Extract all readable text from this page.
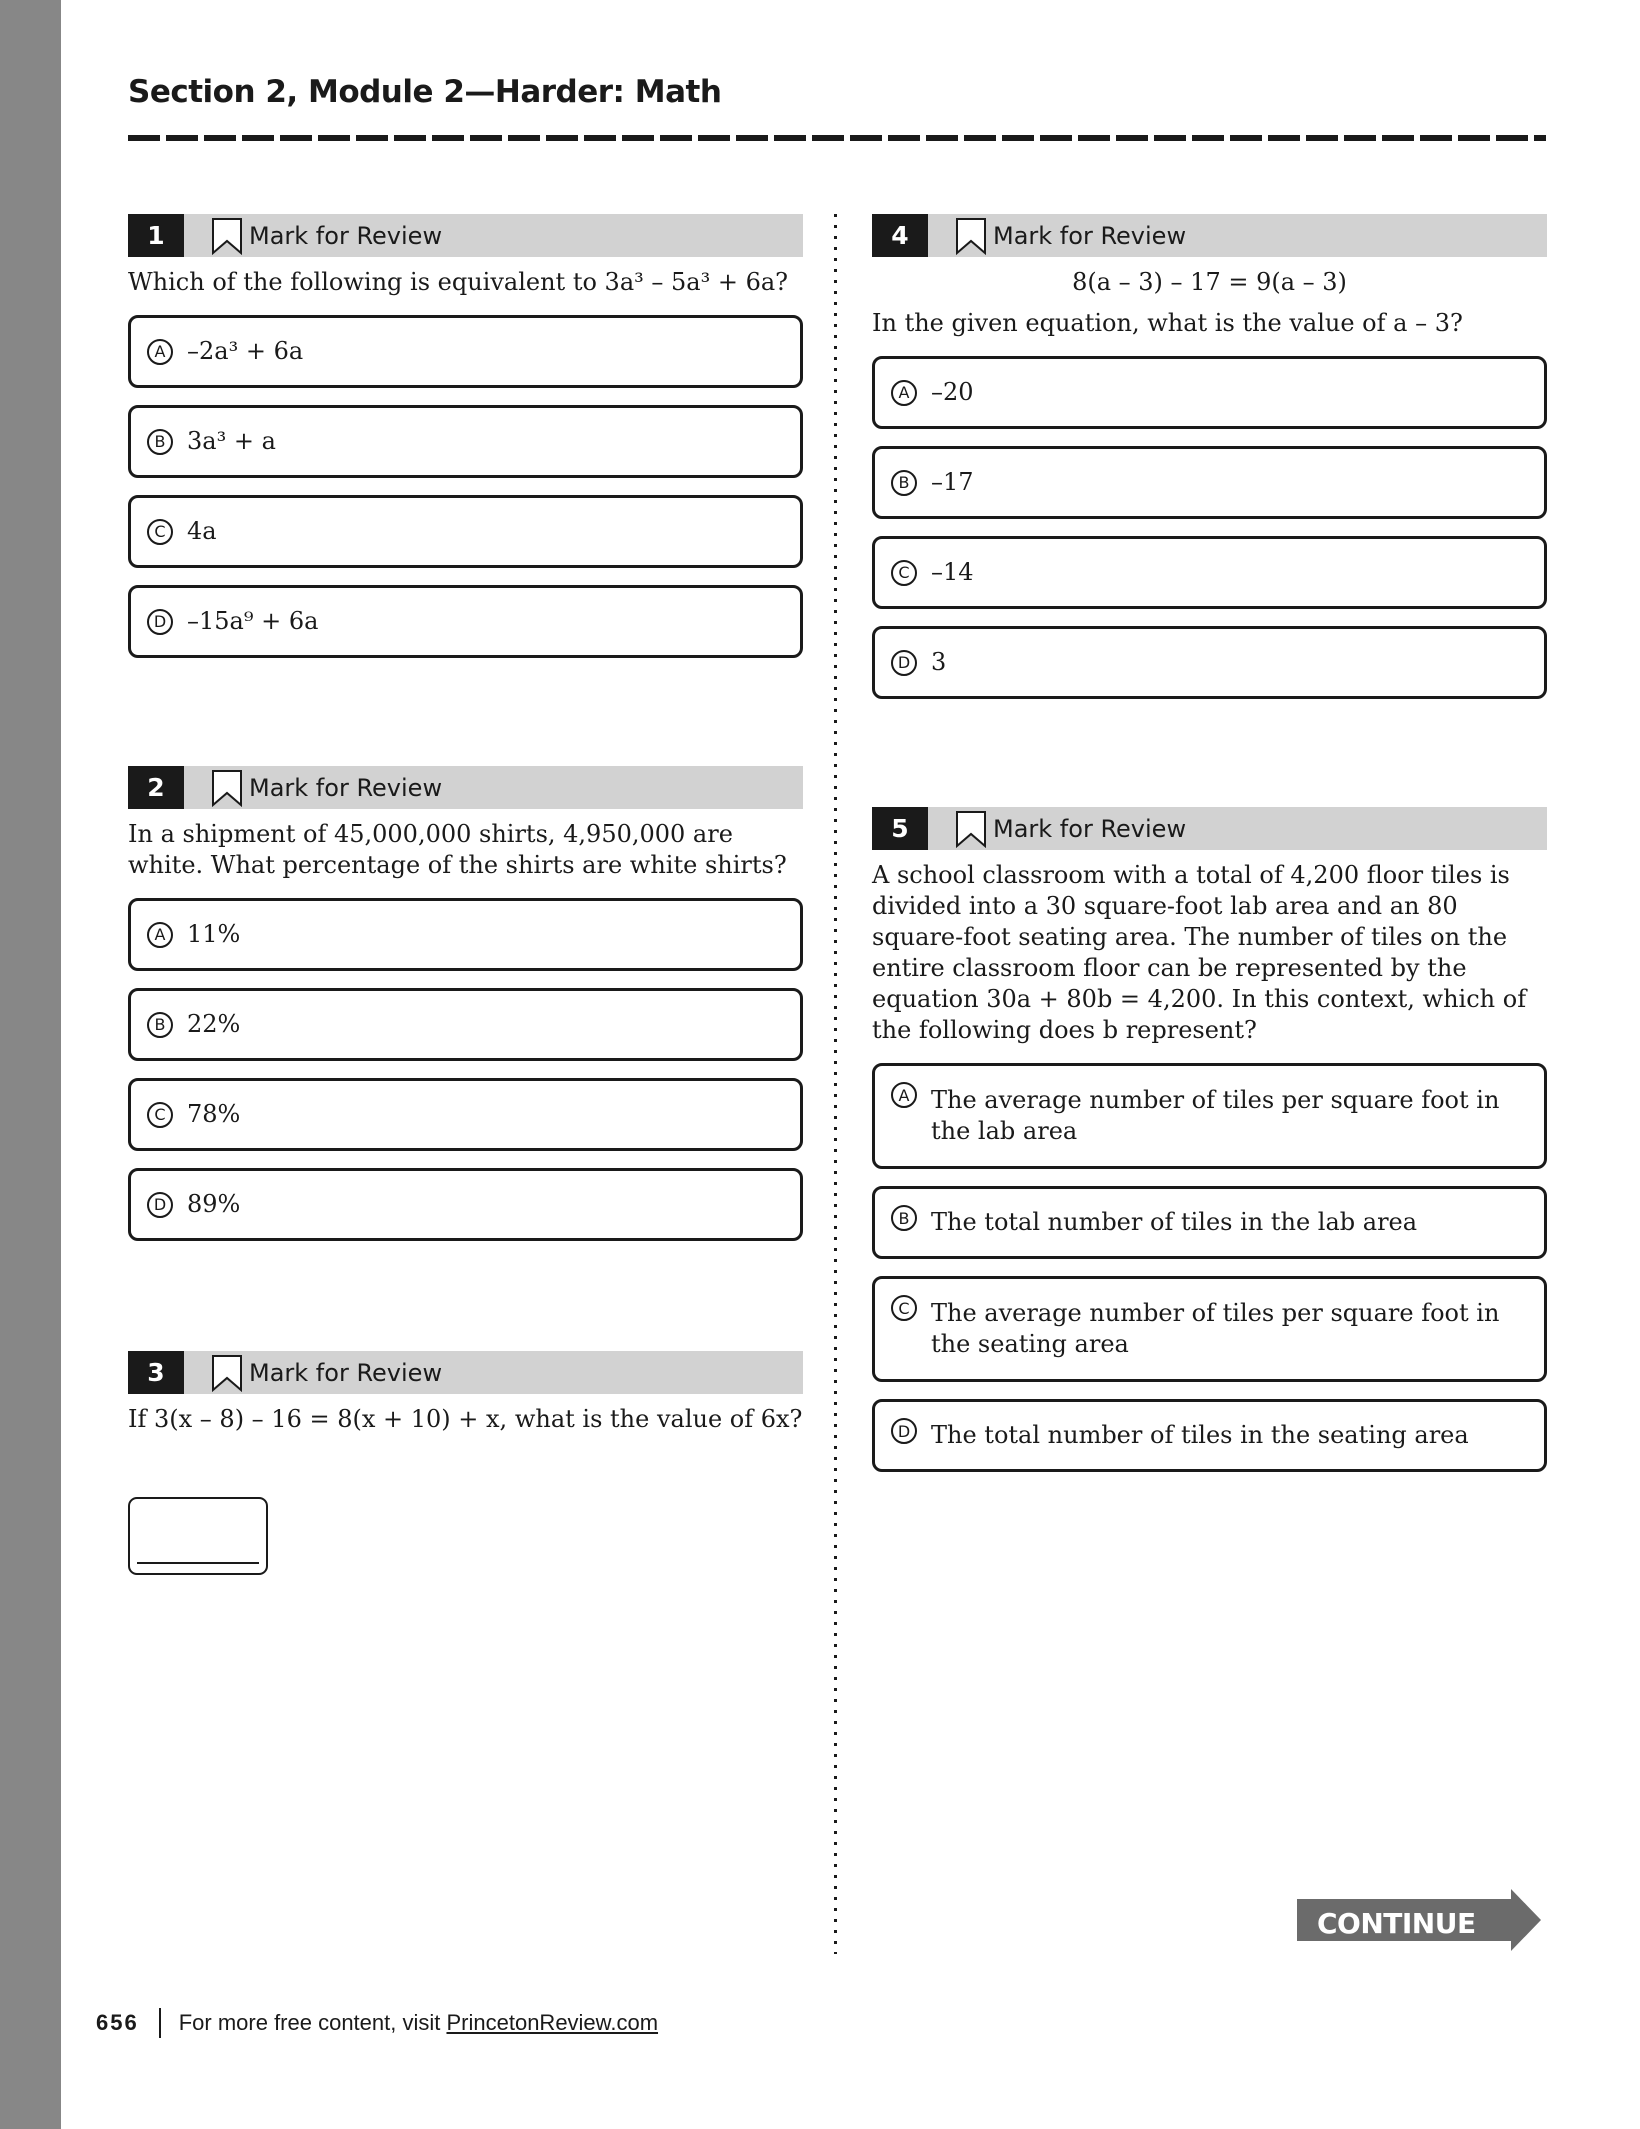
Section 2, Module 2—Harder: Math
1	Mark for Review
Which of the following is equivalent to 3a³ – 5a³ + 6a?
A –2a³ + 6a
B 3a³ + a
C 4a
D –15a⁹ + 6a
2	Mark for Review
In a shipment of 45,000,000 shirts, 4,950,000 are white. What percentage of the shirts are white shirts?
A 11%
B 22%
C 78%
D 89%
3	Mark for Review
If 3(x – 8) – 16 = 8(x + 10) + x, what is the value of 6x?
4	Mark for Review
8(a – 3) – 17 = 9(a – 3)
In the given equation, what is the value of a – 3?
A –20
B –17
C –14
D 3
5	Mark for Review
A school classroom with a total of 4,200 floor tiles is divided into a 30 square-foot lab area and an 80 square-foot seating area. The number of tiles on the entire classroom floor can be represented by the equation 30a + 80b = 4,200. In this context, which of the following does b represent?
A The average number of tiles per square foot in the lab area
B The total number of tiles in the lab area
C The average number of tiles per square foot in the seating area
D The total number of tiles in the seating area
CONTINUE
656 For more free content, visit PrincetonReview.com
